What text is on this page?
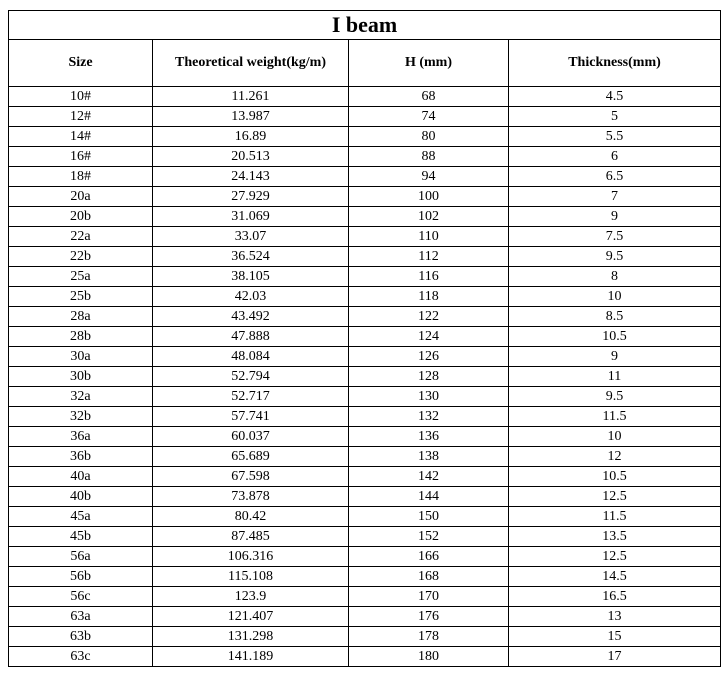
I beam			
Size	Theoretical weight(kg/m)	H (mm)	Thickness(mm)
10#	11.261	68	4.5
12#	13.987	74	5
14#	16.89	80	5.5
16#	20.513	88	6
18#	24.143	94	6.5
20a	27.929	100	7
20b	31.069	102	9
22a	33.07	110	7.5
22b	36.524	112	9.5
25a	38.105	116	8
25b	42.03	118	10
28a	43.492	122	8.5
28b	47.888	124	10.5
30a	48.084	126	9
30b	52.794	128	11
32a	52.717	130	9.5
32b	57.741	132	11.5
36a	60.037	136	10
36b	65.689	138	12
40a	67.598	142	10.5
40b	73.878	144	12.5
45a	80.42	150	11.5
45b	87.485	152	13.5
56a	106.316	166	12.5
56b	115.108	168	14.5
56c	123.9	170	16.5
63a	121.407	176	13
63b	131.298	178	15
63c	141.189	180	17
